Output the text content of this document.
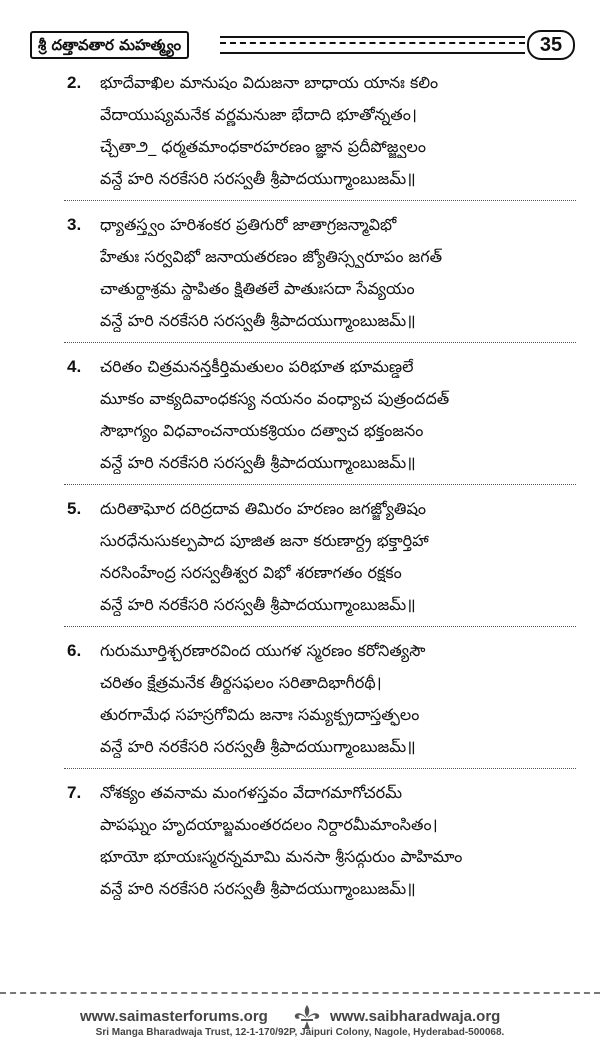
శ్రీ దత్తావతార మహత్మ్యం	35
2. భూదేవాఖిల మానుషం విదుజనా బాధాయ యానః కలిం
వేదాయుష్యమనేక వర్ణమనుజా భేదాది భూతోన్నతం।
చ్చేతా౨_ ధర్మతమాంధకారహరణం జ్ఞాన ప్రదీపోజ్జ్వలం
వన్దే హరి నరకేసరి సరస్వతీ శ్రీపాదయుగ్మాంబుజమ్॥
3. ధ్యాతస్త్వం హరిశంకర ప్రతిగురో జాతాగ్రజన్మావిభో
హేతుః సర్వవిభో జనాయతరణం జ్యోతిస్స్వరూపం జగత్
చాతుర్థాశ్రమ స్థాపితం క్షితితలే పాతుఃసదా సేవ్యయం
వన్దే హరి నరకేసరి సరస్వతీ శ్రీపాదయుగ్మాంబుజమ్॥
4. చరితం చిత్రమనన్తకీర్తిమతులం పరిభూత భూమణ్డలే
మూకం వాక్యదివాంధకస్య నయనం వంధ్యాచ పుత్రందదత్
సౌభాగ్యం విధవాంచనాయకశ్రియం దత్వాచ భక్తంజనం
వన్దే హరి నరకేసరి సరస్వతీ శ్రీపాదయుగ్మాంబుజమ్॥
5. దురితాఘోర దరిద్రదావ తిమిరం హరణం జగజ్జ్యోతిషం
సురధేనుసుకల్పపాద పూజిత జనా కరుణార్ద్ర భక్తార్తిహా
నరసింహేంద్ర సరస్వతీశ్వర విభో శరణాగతం రక్షకం
వన్దే హరి నరకేసరి సరస్వతీ శ్రీపాదయుగ్మాంబుజమ్॥
6. గురుమూర్తిశ్చరణారవింద యుగళ స్మరణం కరోనిత్యసౌ
చరితం క్షేత్రమనేక తీర్థసఫలం సరితాదిభాగీరథీ।
తురగామేధ సహస్రగోవిదు జనాః సమ్యక్ప్రదాస్తత్ఫలం
వన్దే హరి నరకేసరి సరస్వతీ శ్రీపాదయుగ్మాంబుజమ్॥
7. నోశక్యం తవనామ మంగళస్తవం వేదాగమాగోచరమ్
పాపఘ్నం హృదయాబ్జమంతరదలం నిర్ధారమీమాంసితం।
భూయో భూయఃస్మరన్నమామి మనసా శ్రీసద్గురుం పాహిమాం
వన్దే హరి నరకేసరి సరస్వతీ శ్రీపాదయుగ్మాంబుజమ్॥
www.saimasterforums.org	www.saibharadwaja.org
Sri Manga Bharadwaja Trust, 12-1-170/92P, Jaipuri Colony, Nagole, Hyderabad-500068.
